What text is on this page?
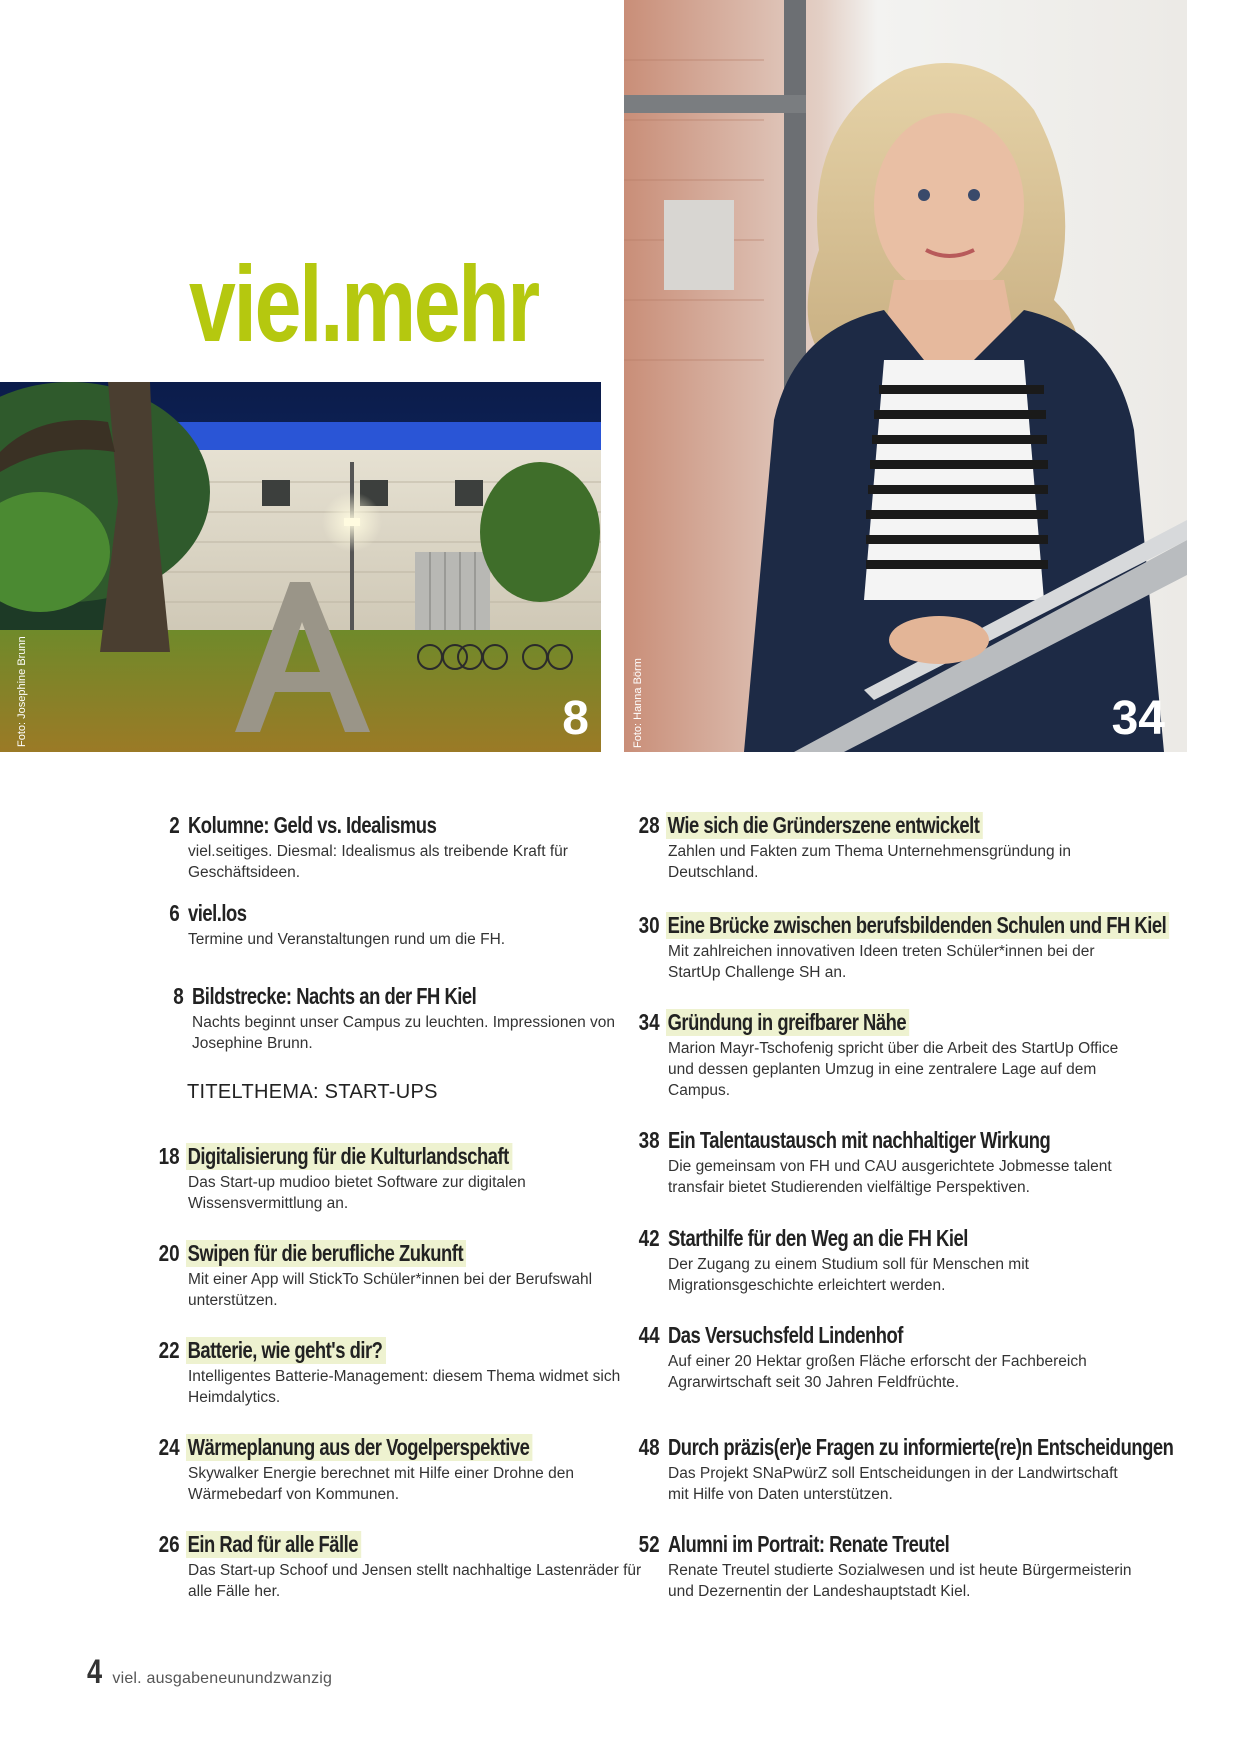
viel.mehr
Foto: Josephine Brunn	8	Foto: Hanna Börm	34
2 Kolumne: Geld vs. Idealismus
viel.seitiges. Diesmal: Idealismus als treibende Kraft für Geschäftsideen.
6 viel.los
Termine und Veranstaltungen rund um die FH.
8 Bildstrecke: Nachts an der FH Kiel
Nachts beginnt unser Campus zu leuchten. Impressionen von Josephine Brunn.
18 Digitalisierung für die Kulturlandschaft
Das Start-up mudioo bietet Software zur digitalen Wissensvermittlung an.
20 Swipen für die berufliche Zukunft
Mit einer App will StickTo Schüler*innen bei der Berufswahl unterstützen.
22 Batterie, wie geht's dir?
Intelligentes Batterie-Management: diesem Thema widmet sich Heimdalytics.
24 Wärmeplanung aus der Vogelperspektive
Skywalker Energie berechnet mit Hilfe einer Drohne den Wärmebedarf von Kommunen.
26 Ein Rad für alle Fälle
Das Start-up Schoof und Jensen stellt nachhaltige Lastenräder für alle Fälle her.
TITELTHEMA: START-UPS
28 Wie sich die Gründerszene entwickelt
Zahlen und Fakten zum Thema Unternehmensgründung in Deutschland.
30 Eine Brücke zwischen berufsbildenden Schulen und FH Kiel
Mit zahlreichen innovativen Ideen treten Schüler*innen bei der StartUp Challenge SH an.
34 Gründung in greifbarer Nähe
Marion Mayr-Tschofenig spricht über die Arbeit des StartUp Office und dessen geplanten Umzug in eine zentralere Lage auf dem Campus.
38 Ein Talentaustausch mit nachhaltiger Wirkung
Die gemeinsam von FH und CAU ausgerichtete Jobmesse talent transfair bietet Studierenden vielfältige Perspektiven.
42 Starthilfe für den Weg an die FH Kiel
Der Zugang zu einem Studium soll für Menschen mit Migrationsgeschichte erleichtert werden.
44 Das Versuchsfeld Lindenhof
Auf einer 20 Hektar großen Fläche erforscht der Fachbereich Agrarwirtschaft seit 30 Jahren Feldfrüchte.
48 Durch präzis(er)e Fragen zu informierte(re)n Entscheidungen
Das Projekt SNaPwürZ soll Entscheidungen in der Landwirtschaft mit Hilfe von Daten unterstützen.
52 Alumni im Portrait: Renate Treutel
Renate Treutel studierte Sozialwesen und ist heute Bürgermeisterin und Dezernentin der Landeshauptstadt Kiel.
4 viel. ausgabeneunundzwanzig
